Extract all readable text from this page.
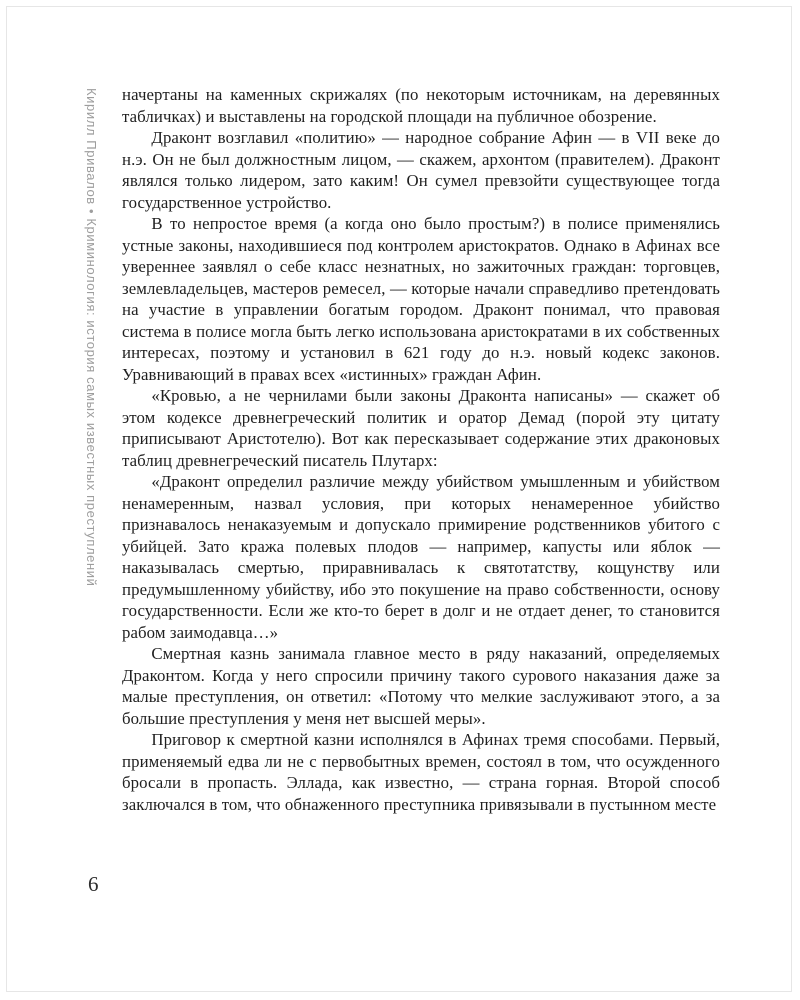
Кирилл Привалов • Криминология: история самых известных преступлений начертаны на каменных скрижалях (по некоторым источникам, на деревянных табличках) и выставлены на городской площади на публичное обозрение.

Драконт возглавил «политию» — народное собрание Афин — в VII веке до н.э. Он не был должностным лицом, — скажем, архонтом (правителем). Драконт являлся только лидером, зато каким! Он сумел превзойти существующее тогда государственное устройство.

В то непростое время (а когда оно было простым?) в полисе применялись устные законы, находившиеся под контролем аристократов. Однако в Афинах все увереннее заявлял о себе класс незнатных, но зажиточных граждан: торговцев, землевладельцев, мастеров ремесел, — которые начали справедливо претендовать на участие в управлении богатым городом. Драконт понимал, что правовая система в полисе могла быть легко использована аристократами в их собственных интересах, поэтому и установил в 621 году до н.э. новый кодекс законов. Уравнивающий в правах всех «истинных» граждан Афин.

«Кровью, а не чернилами были законы Драконта написаны» — скажет об этом кодексе древнегреческий политик и оратор Демад (порой эту цитату приписывают Аристотелю). Вот как пересказывает содержание этих драконовых таблиц древнегреческий писатель Плутарх:

«Драконт определил различие между убийством умышленным и убийством ненамеренным, назвал условия, при которых ненамеренное убийство признавалось ненаказуемым и допускало примирение родственников убитого с убийцей. Зато кража полевых плодов — например, капусты или яблок — наказывалась смертью, приравнивалась к святотатству, кощунству или предумышленному убийству, ибо это покушение на право собственности, основу государственности. Если же кто-то берет в долг и не отдает денег, то становится рабом заимодавца…»

Смертная казнь занимала главное место в ряду наказаний, определяемых Драконтом. Когда у него спросили причину такого сурового наказания даже за малые преступления, он ответил: «Потому что мелкие заслуживают этого, а за большие преступления у меня нет высшей меры».

Приговор к смертной казни исполнялся в Афинах тремя способами. Первый, применяемый едва ли не с первобытных времен, состоял в том, что осужденного бросали в пропасть. Эллада, как известно, — страна горная. Второй способ заключался в том, что обнаженного преступника привязывали в пустынном месте

6
